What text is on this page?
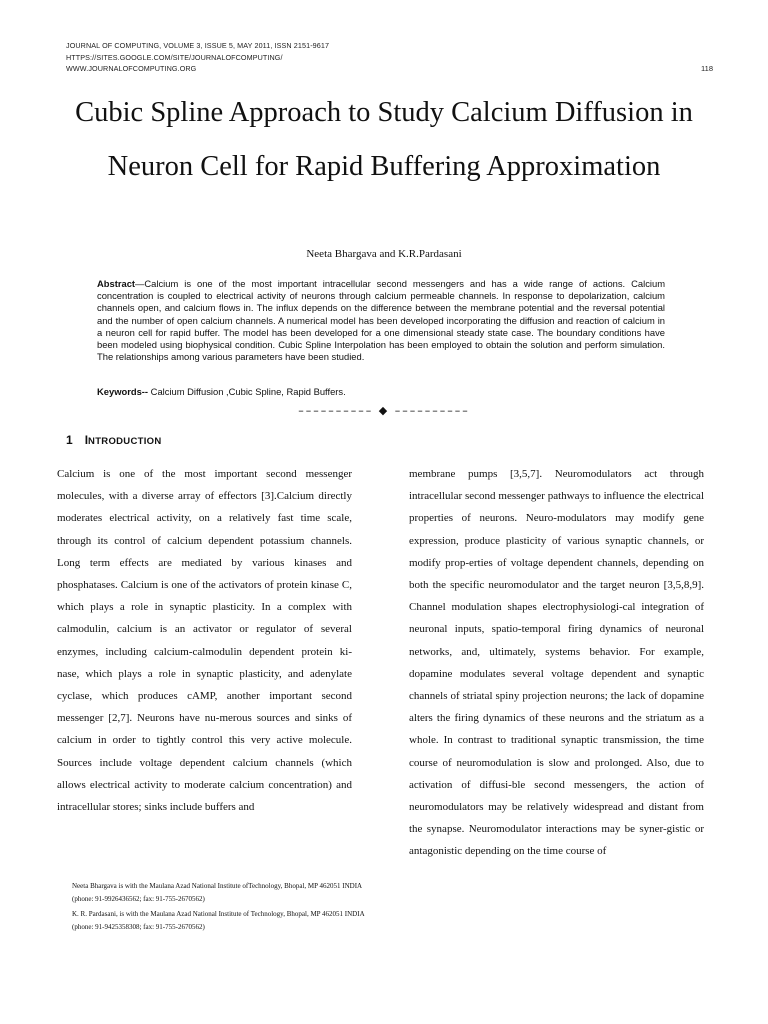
JOURNAL OF COMPUTING, VOLUME 3, ISSUE 5, MAY 2011, ISSN 2151-9617
HTTPS://SITES.GOOGLE.COM/SITE/JOURNALOFCOMPUTING/
WWW.JOURNALOFCOMPUTING.ORG	118
Cubic Spline Approach to Study Calcium Diffusion in Neuron Cell for Rapid Buffering Approximation
Neeta Bhargava and K.R.Pardasani
Abstract—Calcium is one of the most important intracellular second messengers and has a wide range of actions. Calcium concentration is coupled to electrical activity of neurons through calcium permeable channels. In response to depolarization, calcium channels open, and calcium flows in. The influx depends on the difference between the membrane potential and the reversal potential and the number of open calcium channels. A numerical model has been developed incorporating the diffusion and reaction of calcium in a neuron cell for rapid buffer. The model has been developed for a one dimensional steady state case. The boundary conditions have been modeled using biophysical condition. Cubic Spline Interpolation has been employed to obtain the solution and perform simulation. The relationships among various parameters have been studied.
Keywords-- Calcium Diffusion ,Cubic Spline, Rapid Buffers.
–––––––––– ◆ ––––––––––
1 INTRODUCTION
Calcium is one of the most important second messenger molecules, with a diverse array of effectors [3].Calcium directly moderates electrical activity, on a relatively fast time scale, through its control of calcium dependent potassium channels. Long term effects are mediated by various kinases and phosphatases. Calcium is one of the activators of protein kinase C, which plays a role in synaptic plasticity. In a complex with calmodulin, calcium is an activator or regulator of several enzymes, including calcium-calmodulin dependent protein ki-nase, which plays a role in synaptic plasticity, and adenylate cyclase, which produces cAMP, another important second messenger [2,7]. Neurons have nu-merous sources and sinks of calcium in order to tightly control this very active molecule. Sources include voltage dependent calcium channels (which allows electrical activity to moderate calcium concentration) and intracellular stores; sinks include buffers and
membrane pumps [3,5,7]. Neuromodulators act through intracellular second messenger pathways to influence the electrical properties of neurons. Neuro-modulators may modify gene expression, produce plasticity of various synaptic channels, or modify prop-erties of voltage dependent channels, depending on both the specific neuromodulator and the target neuron [3,5,8,9]. Channel modulation shapes electrophysiologi-cal integration of neuronal inputs, spatio-temporal firing dynamics of neuronal networks, and, ultimately, systems behavior. For example, dopamine modulates several voltage dependent and synaptic channels of striatal spiny projection neurons; the lack of dopamine alters the firing dynamics of these neurons and the striatum as a whole. In contrast to traditional synaptic transmission, the time course of neuromodulation is slow and prolonged. Also, due to activation of diffusi-ble second messengers, the action of neuromodulators may be relatively widespread and distant from the synapse. Neuromodulator interactions may be syner-gistic or antagonistic depending on the time course of
Neeta Bhargava is with the Maulana Azad National Institute ofTechnology, Bhopal, MP 462051 INDIA (phone: 91-9926436562; fax: 91-755-2670562)
K. R. Pardasani, is with the Maulana Azad National Institute of Technology, Bhopal, MP 462051 INDIA (phone: 91-9425358308; fax: 91-755-2670562)
